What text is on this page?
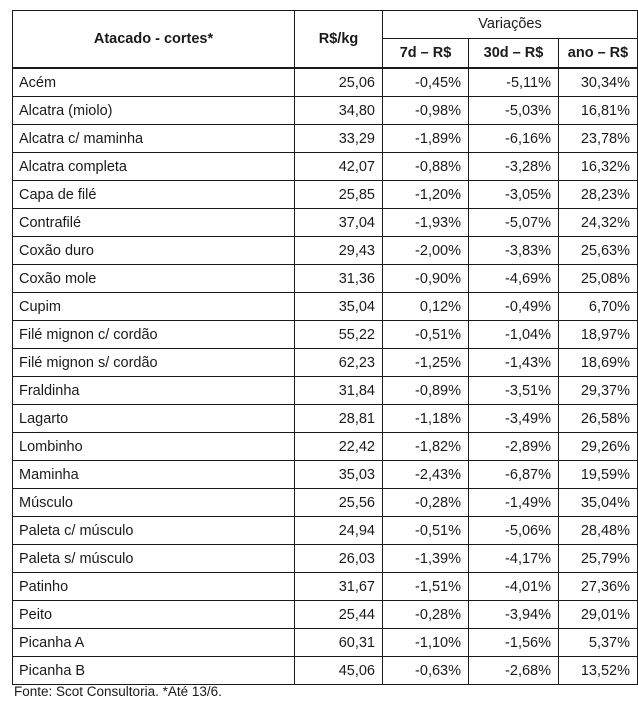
Atacado - cortes*	R$/kg	Variações		
		7d – R$	30d – R$	ano – R$
Acém	25,06	-0,45%	-5,11%	30,34%
Alcatra (miolo)	34,80	-0,98%	-5,03%	16,81%
Alcatra c/ maminha	33,29	-1,89%	-6,16%	23,78%
Alcatra completa	42,07	-0,88%	-3,28%	16,32%
Capa de filé	25,85	-1,20%	-3,05%	28,23%
Contrafilé	37,04	-1,93%	-5,07%	24,32%
Coxão duro	29,43	-2,00%	-3,83%	25,63%
Coxão mole	31,36	-0,90%	-4,69%	25,08%
Cupim	35,04	0,12%	-0,49%	6,70%
Filé mignon c/ cordão	55,22	-0,51%	-1,04%	18,97%
Filé mignon s/ cordão	62,23	-1,25%	-1,43%	18,69%
Fraldinha	31,84	-0,89%	-3,51%	29,37%
Lagarto	28,81	-1,18%	-3,49%	26,58%
Lombinho	22,42	-1,82%	-2,89%	29,26%
Maminha	35,03	-2,43%	-6,87%	19,59%
Músculo	25,56	-0,28%	-1,49%	35,04%
Paleta c/ músculo	24,94	-0,51%	-5,06%	28,48%
Paleta s/ músculo	26,03	-1,39%	-4,17%	25,79%
Patinho	31,67	-1,51%	-4,01%	27,36%
Peito	25,44	-0,28%	-3,94%	29,01%
Picanha A	60,31	-1,10%	-1,56%	5,37%
Picanha B	45,06	-0,63%	-2,68%	13,52%
Fonte: Scot Consultoria. *Até 13/6.
